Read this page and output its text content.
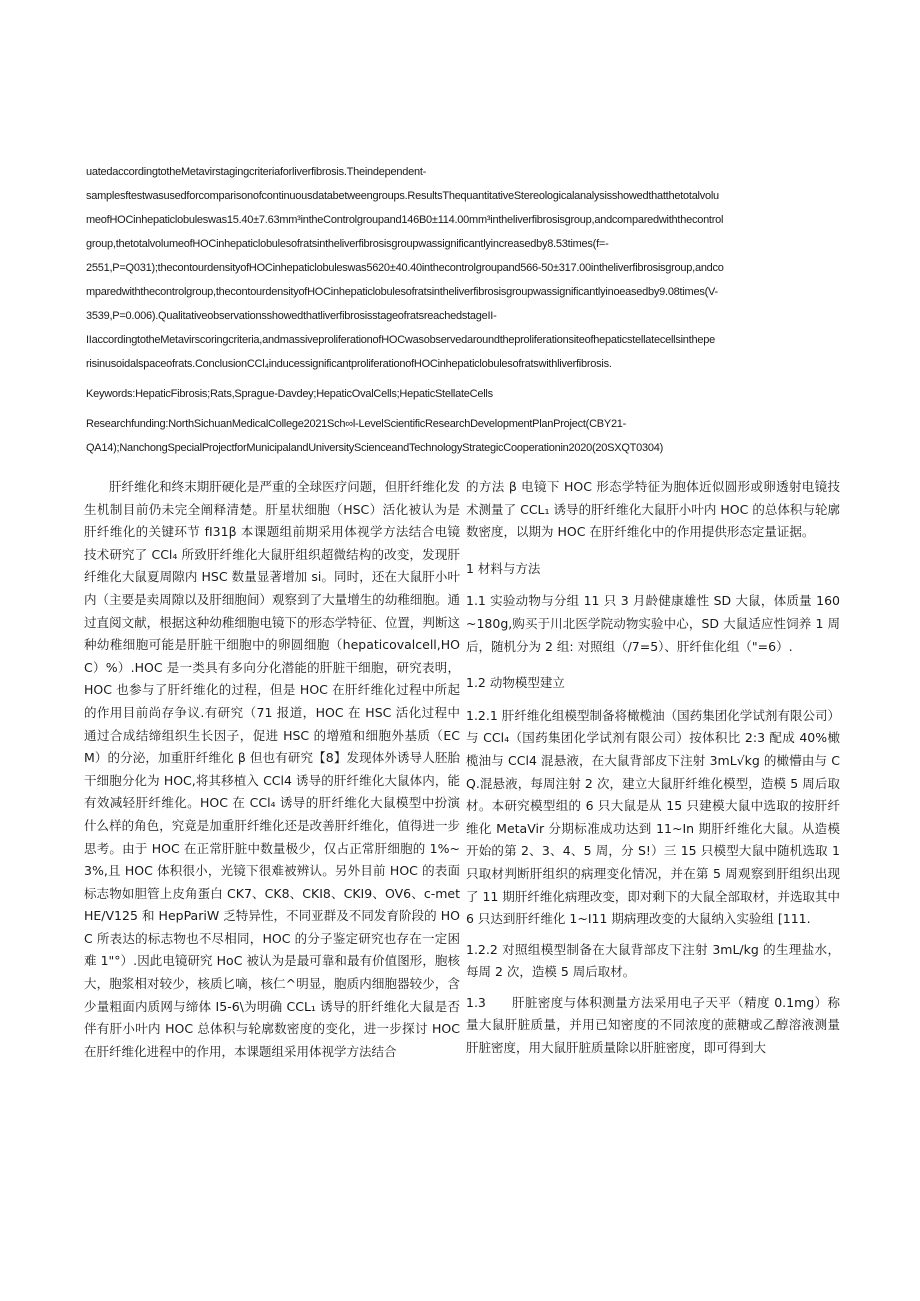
uatedaccordingtotheMetavirstagingcriteriaforliverfibrosis.Theindependent-
samplesftestwasusedforcomparisonofcontinuousdatabetweengroups.ResultsThequantitativeStereologicalanalysisshowedthatthetotalvolu
meofHOCinhepaticlobuleswas15.40±7.63mm³intheControlgroupand146B0±114.00mm³intheliverfibrosisgroup,andcomparedwiththecontrol
group,thetotalvolumeofHOCinhepaticlobulesofratsintheliverfibrosisgroupwassignificantlyincreasedby8.53times(f=-
2551,P=Q031);thecontourdensityofHOCinhepaticlobuleswas5620±40.40inthecontrolgroupand566-50±317.00intheliverfibrosisgroup,andco
mparedwiththecontrolgroup,thecontourdensityofHOCinhepaticlobulesofratsintheliverfibrosisgroupwassignificantlyinoeasedby9.08times(V-
3539,P=0.006).QualitativeobservationsshowedthatliverfibrosisstageofratsreachedstageII-
IIaccordingtotheMetavirscoringcriteria,andmassiveproliferationofHOCwasobservedaroundtheproliferationsiteofhepaticstellatecellsinthepe
risinusoidalspaceofrats.ConclusionCCl₄inducessignificantproliferationofHOCinhepaticlobulesofratswithliverfibrosis.
Keywords:HepaticFibrosis;Rats,Sprague-Davdey;HepaticOvalCells;HepaticStellateCells
Researchfunding:NorthSichuanMedicalCollege2021Sch∞l-LevelScientificResearchDevelopmentPlanProject(CBY21-
QA14);NanchongSpecialProjectforMunicipalandUniversityScienceandTechnologyStrategicCooperationin2020(20SXQT0304)

肝纤维化和终末期肝硬化是严重的全球医疗问题，但肝纤维化发生机制目前仍未完全阐释清楚。肝星状细胞（HSC）活化被认为是肝纤维化的关键环节 fI31β 本课题组前期采用体视学方法结合电镜技术研究了 CCl₄ 所致肝纤维化大鼠肝组织超微结构的改变，发现肝纤维化大鼠夏周隙内 HSC 数量显著增加 si。同时，还在大鼠肝小叶内（主要是卖周隙以及肝细胞间）观察到了大量增生的幼稚细胞。通过直阅文献，根据这种幼稚细胞电镜下的形态学特征、位置，判断这种幼稚细胞可能是肝脏干细胞中的卵圆细胞（hepaticovalcell,HOC）%）.HOC 是一类具有多向分化潜能的肝脏干细胞，研究表明，HOC 也参与了肝纤维化的过程，但是 HOC 在肝纤维化过程中所起的作用目前尚存争议.有研究（71 报道，HOC 在 HSC 活化过程中通过合成结缔组织生长因子，促进 HSC 的增殖和细胞外基质（ECM）的分泌，加重肝纤维化 β 但也有研究【8】发现体外诱导人胚胎干细胞分化为 HOC,将其移植入 CCl4 诱导的肝纤维化大鼠体内，能有效减轻肝纤维化。HOC 在 CCl₄ 诱导的肝纤维化大鼠模型中扮演什么样的角色，究竟是加重肝纤维化还是改善肝纤维化，值得进一步思考。由于 HOC 在正常肝脏中数量极少，仅占正常肝细胞的 1%~3%,且 HOC 体积很小，光镜下很难被辨认。另外目前 HOC 的表面标志物如胆管上皮角蛋白 CK7、CK8、CKI8、CKI9、OV6、c-metHE/V125 和 HepPariW 乏特异性，不同亚群及不同发育阶段的 HOC 所表达的标志物也不尽相同，HOC 的分子鉴定研究也存在一定困难 1"°）.因此电镜研究 HoC 被认为是最可靠和最有价值图形，胞核大，胞浆相对较少，核质匕嘀，核仁^明显，胞质内细胞器较少，含少量粗面内质网与缔体 I5-6\为明确 CCL₁ 诱导的肝纤维化大鼠是否伴有肝小叶内 HOC 总体积与轮廓数密度的变化，进一步探讨 HOC 在肝纤维化进程中的作用，本课题组采用体视学方法结合

的方法 β 电镜下 HOC 形态学特征为胞体近似圆形或卵透射电镜技术测量了 CCL₁ 诱导的肝纤维化大鼠肝小叶内 HOC 的总体积与轮廓数密度，以期为 HOC 在肝纤维化中的作用提供形态定量证据。

1 材料与方法

1.1 实验动物与分组 11 只 3 月龄健康雄性 SD 大鼠，体质量 160~180g,购买于川北医学院动物实验中心，SD 大鼠适应性饲养 1 周后，随机分为 2 组: 对照组（/7=5）、肝纤隹化组（"=6）.

1.2 动物模型建立

1.2.1 肝纤维化组模型制备将橄榄油（国药集团化学试剂有限公司）与 CCl₄（国药集团化学试剂有限公司）按体积比 2:3 配成 40%橄榄油与 CCl4 混悬液，在大鼠背部皮下注射 3mL√kg 的橄懵由与 CQ.混悬液，每周注射 2 次，建立大鼠肝纤维化模型，造模 5 周后取材。本研究模型组的 6 只大鼠是从 15 只建模大鼠中选取的按肝纤维化 MetaVir 分期标准成功达到 11~In 期肝纤维化大鼠。从造模开始的第 2、3、4、5 周，分 S!）三 15 只模型大鼠中随机选取 1 只取材判断肝组织的病理变化情况，并在第 5 周观察到肝组织出现了 11 期肝纤维化病理改变，即对剩下的大鼠全部取材，并选取其中 6 只达到肝纤维化 1~I11 期病理改变的大鼠纳入实验组 [111.

1.2.2 对照组模型制备在大鼠背部皮下注射 3mL/kg 的生理盐水，每周 2 次，造模 5 周后取材。

1.3　　肝脏密度与体积测量方法采用电子天平（精度 0.1mg）称量大鼠肝脏质量，并用已知密度的不同浓度的蔗糖或乙醇溶液测量肝脏密度，用大鼠肝脏质量除以肝脏密度，即可得到大
